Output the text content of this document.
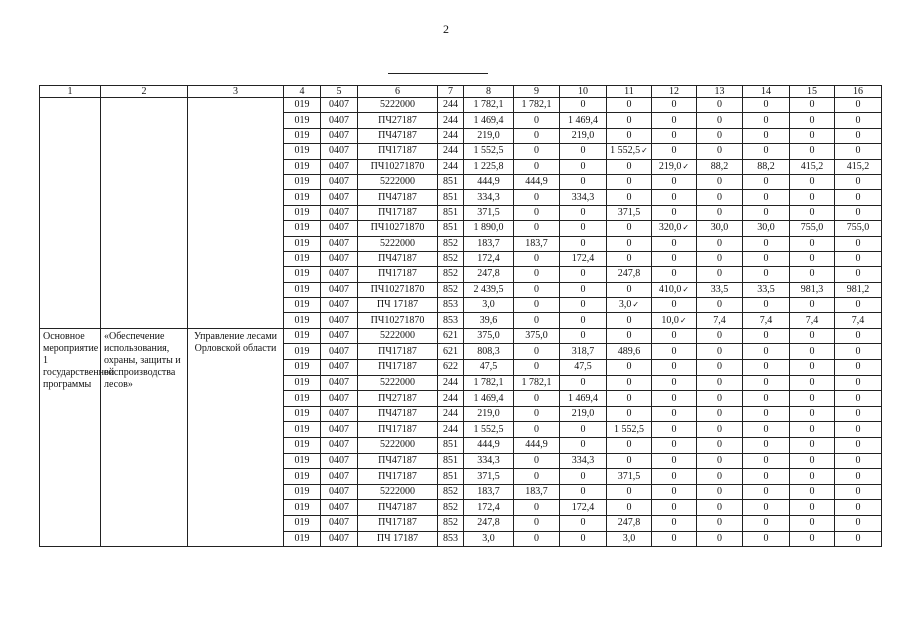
2
1	2	3	4	5	6	7	8	9	10	11	12	13	14	15	16
			019	0407	5222000	244	1 782,1	1 782,1	0	0	0	0	0	0	0
			019	0407	ПЧ27187	244	1 469,4	0	1 469,4	0	0	0	0	0	0
			019	0407	ПЧ47187	244	219,0	0	219,0	0	0	0	0	0	0
			019	0407	ПЧ17187	244	1 552,5	0	0	1 552,5✓	0	0	0	0	0
			019	0407	ПЧ10271870	244	1 225,8	0	0	0	219,0✓	88,2	88,2	415,2	415,2
			019	0407	5222000	851	444,9	444,9	0	0	0	0	0	0	0
			019	0407	ПЧ47187	851	334,3	0	334,3	0	0	0	0	0	0
			019	0407	ПЧ17187	851	371,5	0	0	371,5	0	0	0	0	0
			019	0407	ПЧ10271870	851	1 890,0	0	0	0	320,0✓	30,0	30,0	755,0	755,0
			019	0407	5222000	852	183,7	183,7	0	0	0	0	0	0	0
			019	0407	ПЧ47187	852	172,4	0	172,4	0	0	0	0	0	0
			019	0407	ПЧ17187	852	247,8	0	0	247,8	0	0	0	0	0
			019	0407	ПЧ10271870	852	2 439,5	0	0	0	410,0✓	33,5	33,5	981,3	981,2
			019	0407	ПЧ 17187	853	3,0	0	0	3,0✓	0	0	0	0	0
			019	0407	ПЧ10271870	853	39,6	0	0	0	10,0✓	7,4	7,4	7,4	7,4
Основное мероприятие 1 государственной программы	«Обеспечение использования, охраны, защиты и воспроизводства лесов»	Управление лесами Орловской области	019	0407	5222000	621	375,0	375,0	0	0	0	0	0	0	0
			019	0407	ПЧ17187	621	808,3	0	318,7	489,6	0	0	0	0	0
			019	0407	ПЧ17187	622	47,5	0	47,5	0	0	0	0	0	0
			019	0407	5222000	244	1 782,1	1 782,1	0	0	0	0	0	0	0
			019	0407	ПЧ27187	244	1 469,4	0	1 469,4	0	0	0	0	0	0
			019	0407	ПЧ47187	244	219,0	0	219,0	0	0	0	0	0	0
			019	0407	ПЧ17187	244	1 552,5	0	0	1 552,5	0	0	0	0	0
			019	0407	5222000	851	444,9	444,9	0	0	0	0	0	0	0
			019	0407	ПЧ47187	851	334,3	0	334,3	0	0	0	0	0	0
			019	0407	ПЧ17187	851	371,5	0	0	371,5	0	0	0	0	0
			019	0407	5222000	852	183,7	183,7	0	0	0	0	0	0	0
			019	0407	ПЧ47187	852	172,4	0	172,4	0	0	0	0	0	0
			019	0407	ПЧ17187	852	247,8	0	0	247,8	0	0	0	0	0
			019	0407	ПЧ 17187	853	3,0	0	0	3,0	0	0	0	0	0
